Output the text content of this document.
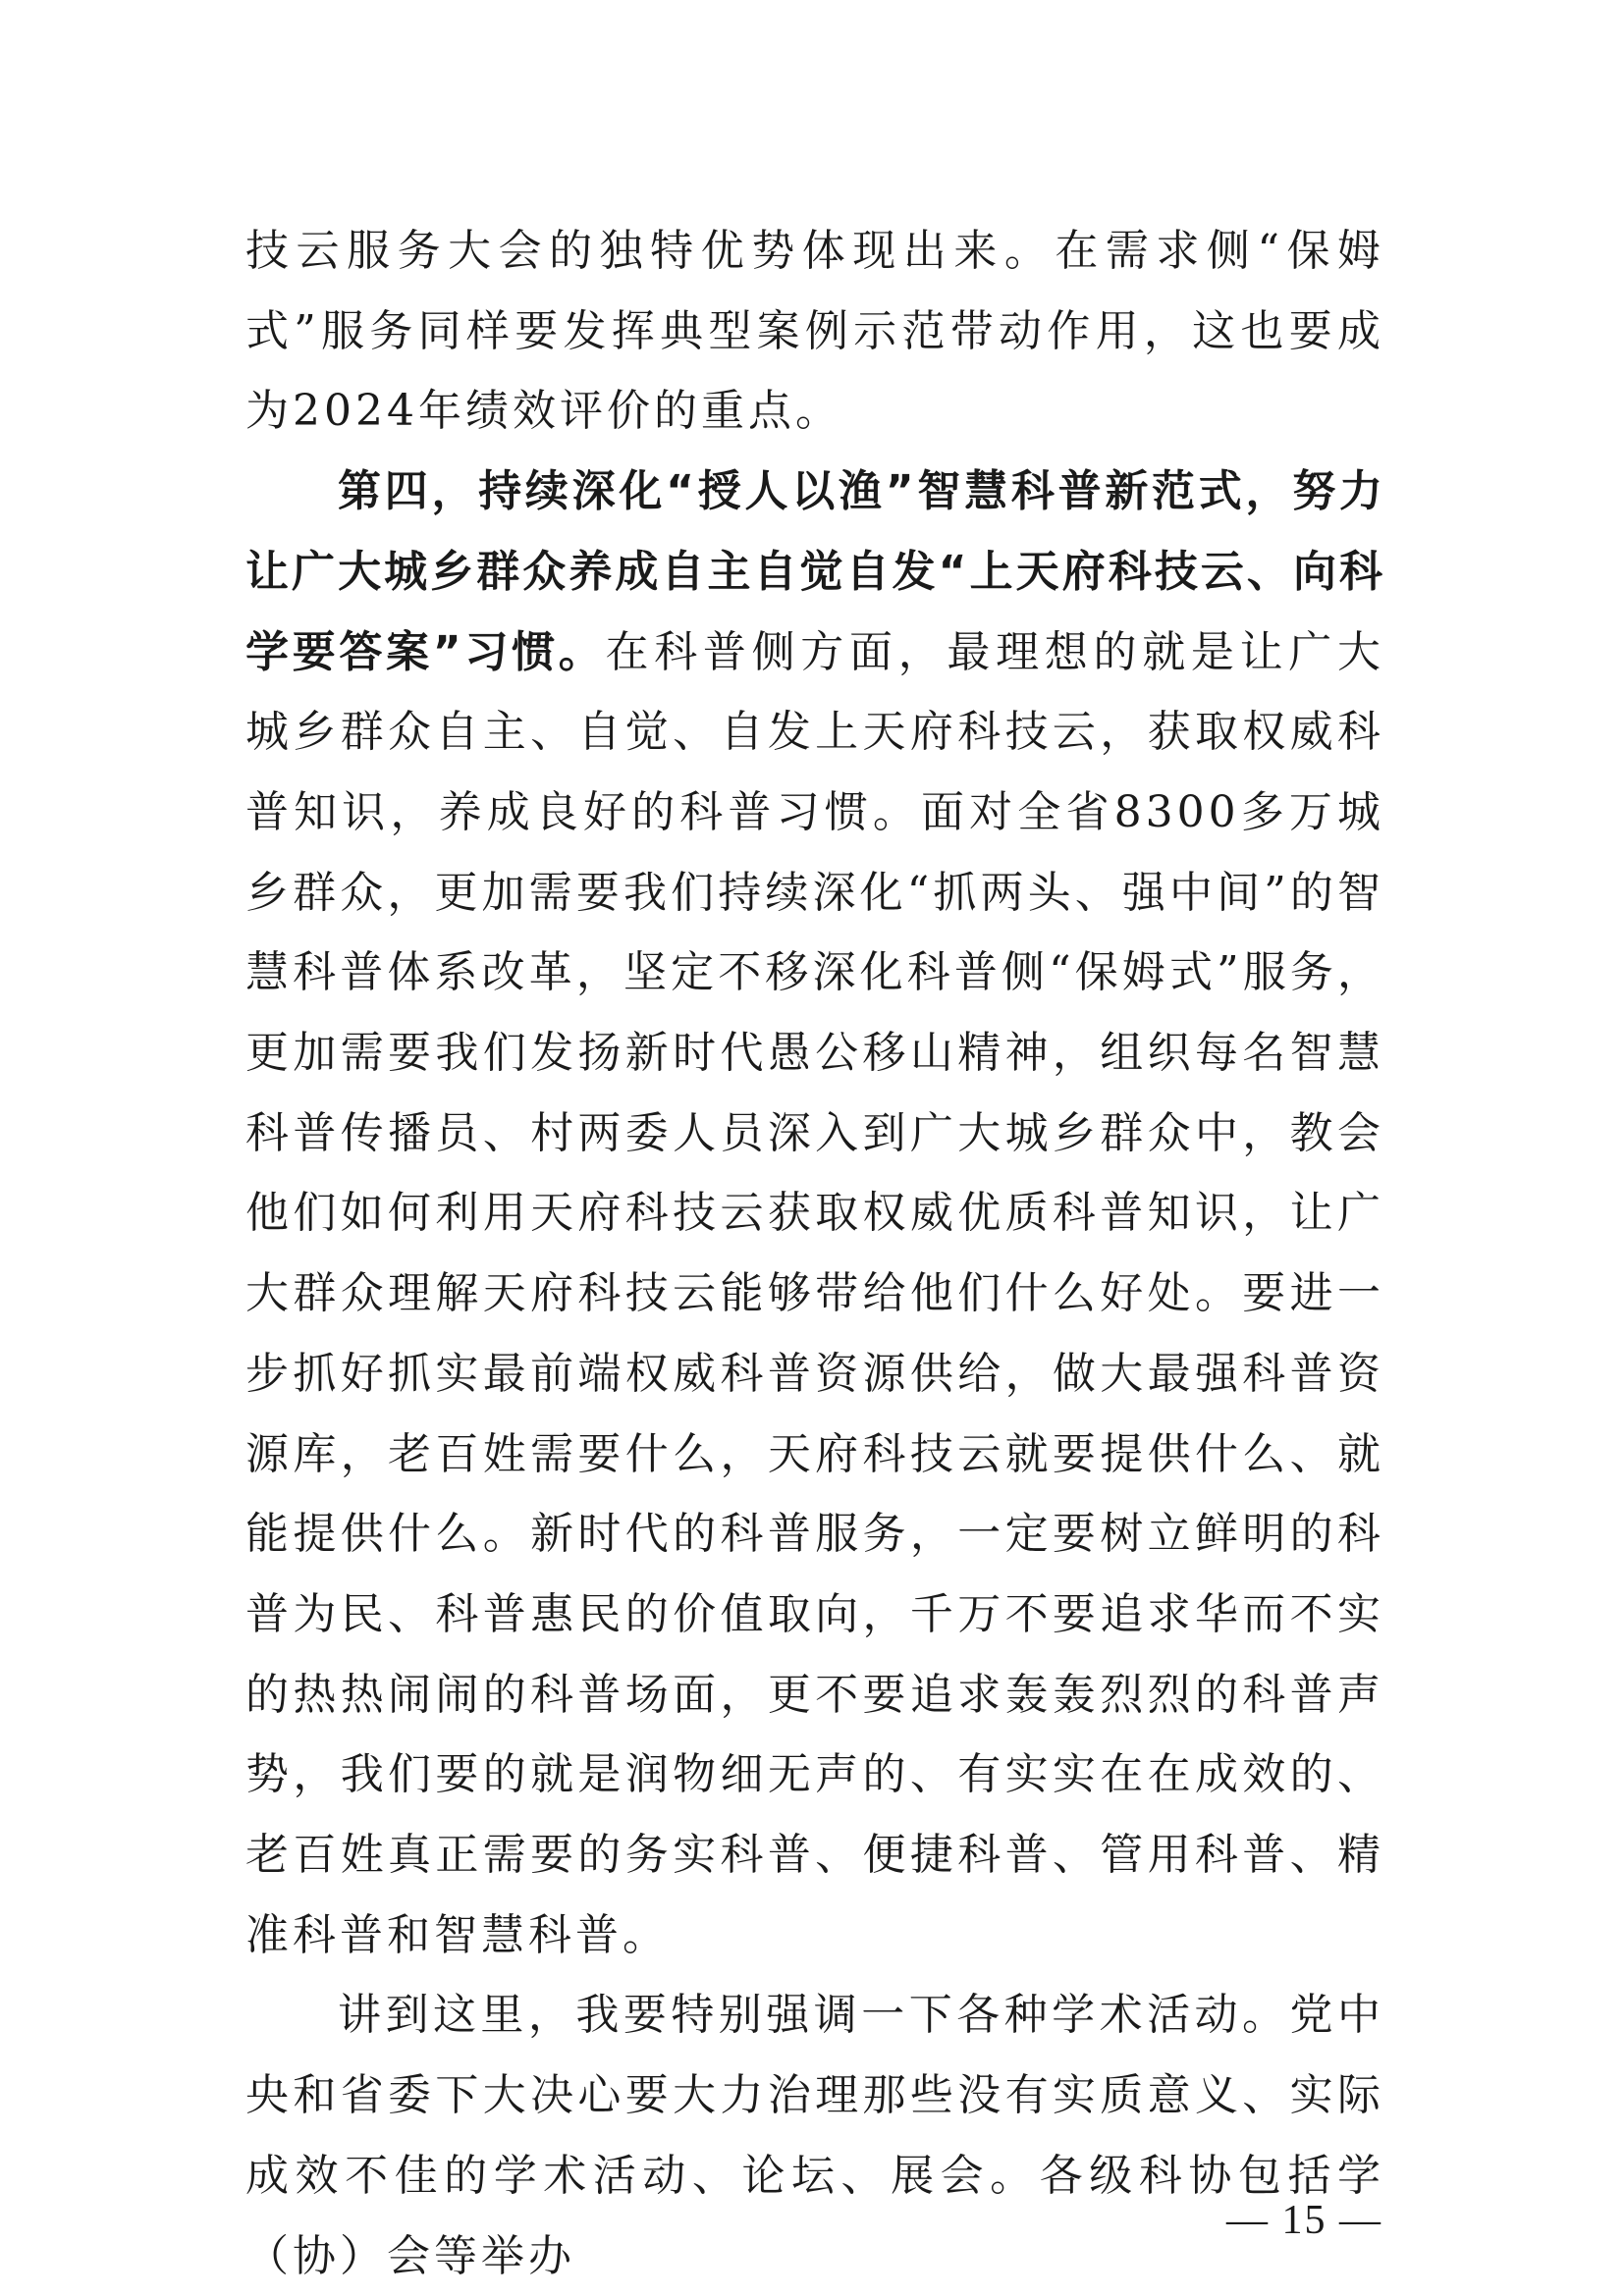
技云服务大会的独特优势体现出来。在需求侧“保姆式”服务同样要发挥典型案例示范带动作用，这也要成为2024年绩效评价的重点。

第四，持续深化“授人以渔”智慧科普新范式，努力让广大城乡群众养成自主自觉自发“上天府科技云、向科学要答案”习惯。在科普侧方面，最理想的就是让广大城乡群众自主、自觉、自发上天府科技云，获取权威科普知识，养成良好的科普习惯。面对全省8300多万城乡群众，更加需要我们持续深化“抓两头、强中间”的智慧科普体系改革，坚定不移深化科普侧“保姆式”服务，更加需要我们发扬新时代愚公移山精神，组织每名智慧科普传播员、村两委人员深入到广大城乡群众中，教会他们如何利用天府科技云获取权威优质科普知识，让广大群众理解天府科技云能够带给他们什么好处。要进一步抓好抓实最前端权威科普资源供给，做大最强科普资源库，老百姓需要什么，天府科技云就要提供什么、就能提供什么。新时代的科普服务，一定要树立鲜明的科普为民、科普惠民的价值取向，千万不要追求华而不实的热热闹闹的科普场面，更不要追求轰轰烈烈的科普声势，我们要的就是润物细无声的、有实实在在成效的、老百姓真正需要的务实科普、便捷科普、管用科普、精准科普和智慧科普。

讲到这里，我要特别强调一下各种学术活动。党中央和省委下大决心要大力治理那些没有实质意义、实际成效不佳的学术活动、论坛、展会。各级科协包括学（协）会等举办

— 15 —
